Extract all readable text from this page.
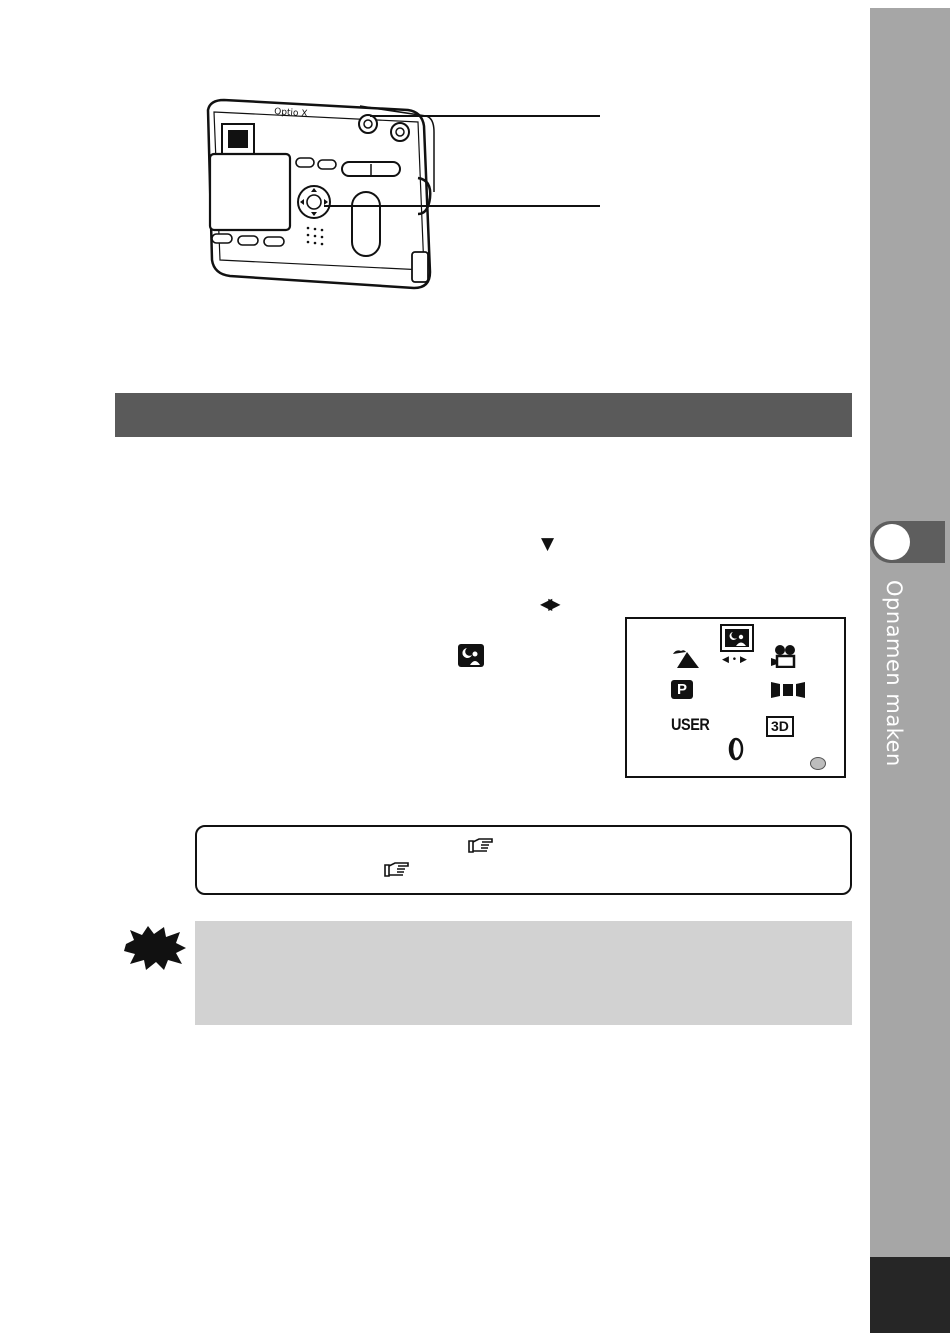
Opnamen maken
Optio X
▼
◀▶
◀ • ▶
P
USER	3D
